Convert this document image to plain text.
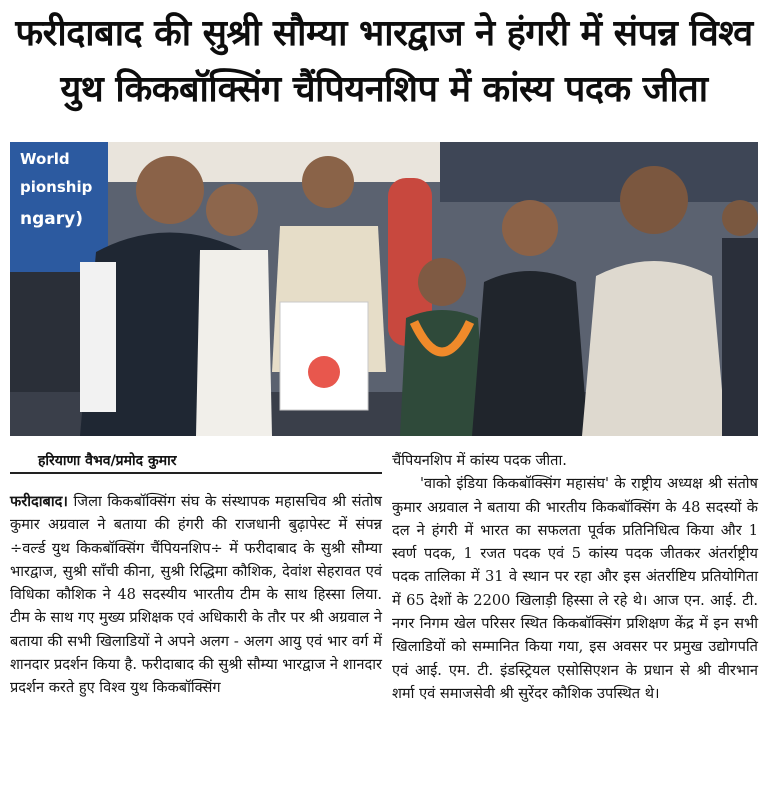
फरीदाबाद की सुश्री सौम्या भारद्वाज ने हंगरी में संपन्न विश्व
युथ किकबॉक्सिंग चैंपियनशिप में कांस्य पदक जीता
World
pionship
ngary)
हरियाणा वैभव/प्रमोद कुमार

फरीदाबाद। जिला किकबॉक्सिंग संघ के संस्थापक महासचिव श्री संतोष कुमार अग्रवाल ने बताया की हंगरी की राजधानी बुढ़ापेस्ट में संपन्न ÷वर्ल्ड युथ किकबॉक्सिंग चैंपियनशिप÷ में फरीदाबाद के सुश्री सौम्या भारद्वाज, सुश्री साँची कीना, सुश्री रिद्धिमा कौशिक, देवांश सेहरावत एवं विधिका कौशिक ने 48 सदस्यीय भारतीय टीम के साथ हिस्सा लिया. टीम के साथ गए मुख्य प्रशिक्षक एवं अधिकारी के तौर पर श्री अग्रवाल ने बताया की सभी खिलाडियों ने अपने अलग - अलग आयु एवं भार वर्ग में शानदार प्रदर्शन किया है. फरीदाबाद की सुश्री सौम्या भारद्वाज ने शानदार प्रदर्शन करते हुए विश्व युथ किकबॉक्सिंग

चैंपियनशिप में कांस्य पदक जीता.

'वाको इंडिया किकबॉक्सिंग महासंघ' के राष्ट्रीय अध्यक्ष श्री संतोष कुमार अग्रवाल ने बताया की भारतीय किकबॉक्सिंग के 48 सदस्यों के दल ने हंगरी में भारत का सफलता पूर्वक प्रतिनिधित्व किया और 1 स्वर्ण पदक, 1 रजत पदक एवं 5 कांस्य पदक जीतकर अंतर्राष्ट्रीय पदक तालिका में 31 वे स्थान पर रहा और इस अंतर्राष्टिय प्रतियोगिता में 65 देशों के 2200 खिलाड़ी हिस्सा ले रहे थे। आज एन. आई. टी. नगर निगम खेल परिसर स्थित किकबॉक्सिंग प्रशिक्षण केंद्र में इन सभी खिलाडियों को सम्मानित किया गया, इस अवसर पर प्रमुख उद्योगपति एवं आई. एम. टी. इंडस्ट्रियल एसोसिएशन के प्रधान से श्री वीरभान शर्मा एवं समाजसेवी श्री सुरेंदर कौशिक उपस्थित थे।
